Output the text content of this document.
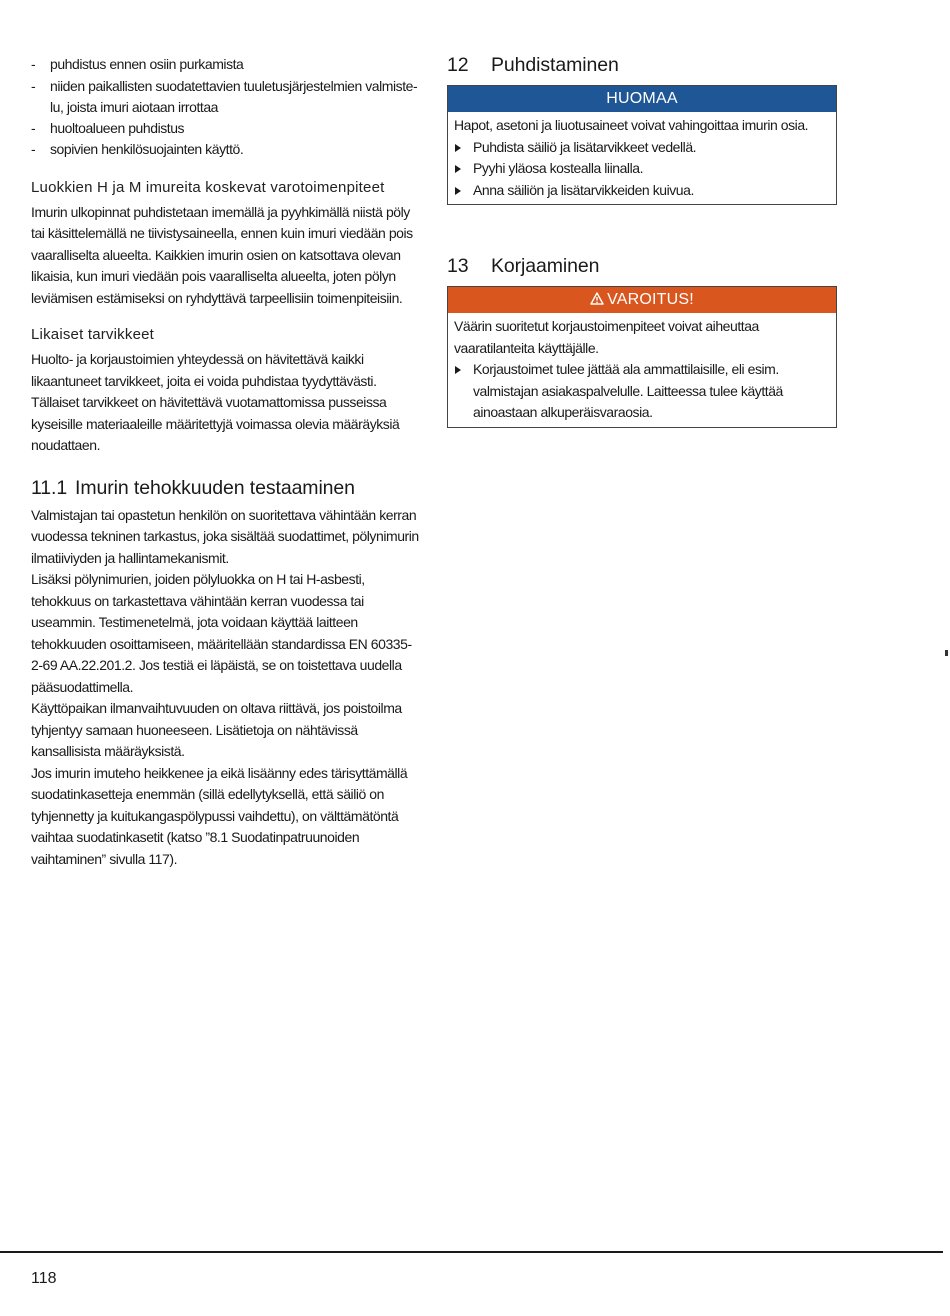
- puhdistus ennen osiin purkamista
- niiden paikallisten suodatettavien tuuletusjärjestelmien valmiste-lu, joista imuri aiotaan irrottaa
- huoltoalueen puhdistus
- sopivien henkilösuojainten käyttö.

Luokkien H ja M imureita koskevat varotoimenpiteet

Imurin ulkopinnat puhdistetaan imemällä ja pyyhkimällä niistä pöly tai käsittelemällä ne tiivistysaineella, ennen kuin imuri viedään pois vaaralliselta alueelta. Kaikkien imurin osien on katsottava olevan likaisia, kun imuri viedään pois vaaralliselta alueelta, joten pölyn leviämisen estämiseksi on ryhdyttävä tarpeellisiin toimenpiteisiin.

Likaiset tarvikkeet

Huolto- ja korjaustoimien yhteydessä on hävitettävä kaikki likaantuneet tarvikkeet, joita ei voida puhdistaa tyydyttävästi. Tällaiset tarvikkeet on hävitettävä vuotamattomissa pusseissa kyseisille materiaaleille määritettyjä voimassa olevia määräyksiä noudattaen.

11.1 Imurin tehokkuuden testaaminen

Valmistajan tai opastetun henkilön on suoritettava vähintään kerran vuodessa tekninen tarkastus, joka sisältää suodattimet, pölynimurin ilmatiiviyden ja hallintamekanismit.

Lisäksi pölynimurien, joiden pölyluokka on H tai H-asbesti, tehokkuus on tarkastettava vähintään kerran vuodessa tai useammin. Testimenetelmä, jota voidaan käyttää laitteen tehokkuuden osoittamiseen, määritellään standardissa EN 60335-2-69 AA.22.201.2. Jos testiä ei läpäistä, se on toistettava uudella pääsuodattimella.

Käyttöpaikan ilmanvaihtuvuuden on oltava riittävä, jos poistoilma tyhjentyy samaan huoneeseen. Lisätietoja on nähtävissä kansallisista määräyksistä.

Jos imurin imuteho heikkenee ja eikä lisäänny edes tärisyttämällä suodatinkasetteja enemmän (sillä edellytyksellä, että säiliö on tyhjennetty ja kuitukangaspölypussi vaihdettu), on välttämätöntä vaihtaa suodatinkasetit (katso ”8.1 Suodatinpatruunoiden vaihtaminen” sivulla 117).

12 Puhdistaminen
HUOMAA

Hapot, asetoni ja liuotusaineet voivat vahingoittaa imurin osia.

Puhdista säiliö ja lisätarvikkeet vedellä.
Pyyhi yläosa kostealla liinalla.
Anna säiliön ja lisätarvikkeiden kuivua.
13 Korjaaminen
VAROITUS!

Väärin suoritetut korjaustoimenpiteet voivat aiheuttaa vaaratilanteita käyttäjälle.

Korjaustoimet tulee jättää ala ammattilaisille, eli esim. valmistajan asiakaspalvelulle. Laitteessa tulee käyttää ainoastaan alkuperäisvaraosia.
118
